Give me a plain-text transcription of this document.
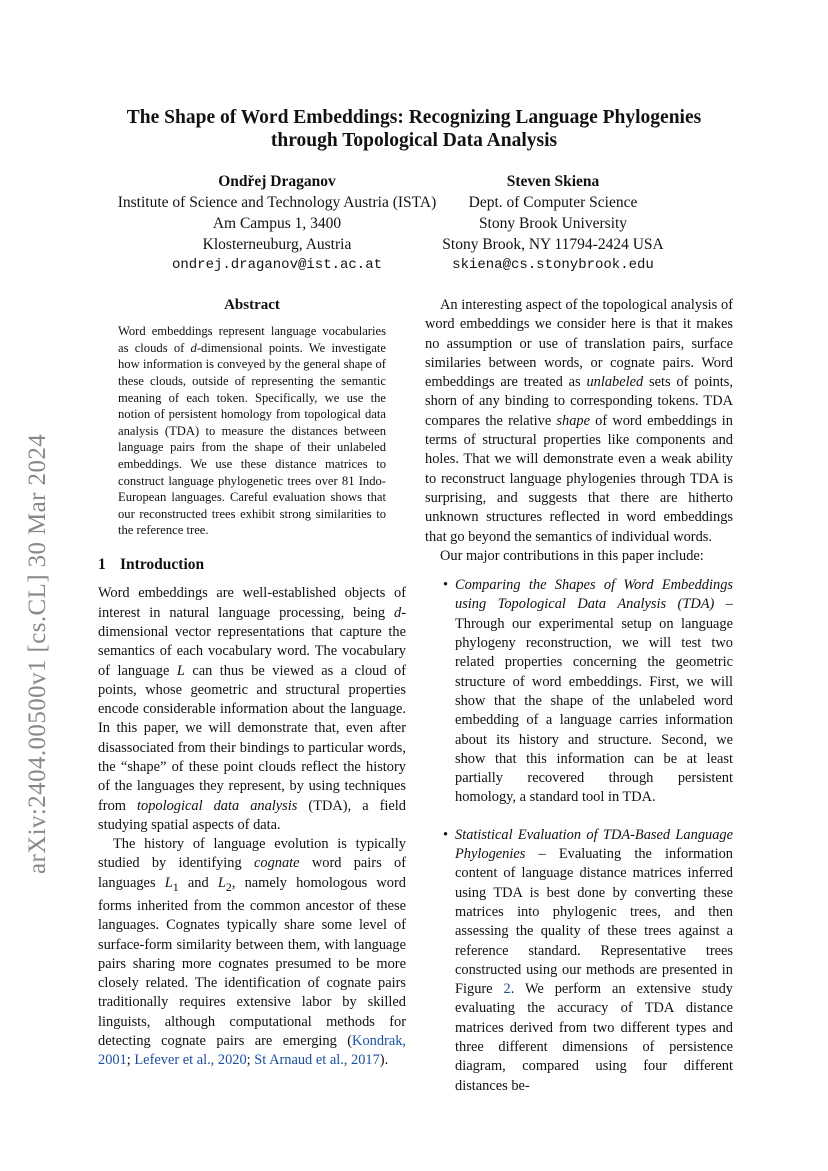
The Shape of Word Embeddings: Recognizing Language Phylogenies
through Topological Data Analysis
Ondřej Draganov
Institute of Science and Technology Austria (ISTA)
Am Campus 1, 3400
Klosterneuburg, Austria
ondrej.draganov@ist.ac.at
Steven Skiena
Dept. of Computer Science
Stony Brook University
Stony Brook, NY 11794-2424 USA
skiena@cs.stonybrook.edu
arXiv:2404.00500v1 [cs.CL] 30 Mar 2024
Abstract

Word embeddings represent language vocabularies as clouds of d-dimensional points. We investigate how information is conveyed by the general shape of these clouds, outside of representing the semantic meaning of each token. Specifically, we use the notion of persistent homology from topological data analysis (TDA) to measure the distances between language pairs from the shape of their unlabeled embeddings. We use these distance matrices to construct language phylogenetic trees over 81 Indo-European languages. Careful evaluation shows that our reconstructed trees exhibit strong similarities to the reference tree.

1 Introduction

Word embeddings are well-established objects of interest in natural language processing, being d-dimensional vector representations that capture the semantics of each vocabulary word. The vocabulary of language L can thus be viewed as a cloud of points, whose geometric and structural properties encode considerable information about the language. In this paper, we will demonstrate that, even after disassociated from their bindings to particular words, the “shape” of these point clouds reflect the history of the languages they represent, by using techniques from topological data analysis (TDA), a field studying spatial aspects of data.

The history of language evolution is typically studied by identifying cognate word pairs of languages $L_1$ and $L_2$, namely homologous word forms inherited from the common ancestor of these languages. Cognates typically share some level of surface-form similarity between them, with language pairs sharing more cognates presumed to be more closely related. The identification of cognate pairs traditionally requires extensive labor by skilled linguists, although computational methods for detecting cognate pairs are emerging (Kondrak, 2001; Lefever et al., 2020; St Arnaud et al., 2017).

An interesting aspect of the topological analysis of word embeddings we consider here is that it makes no assumption or use of translation pairs, surface similaries between words, or cognate pairs. Word embeddings are treated as unlabeled sets of points, shorn of any binding to corresponding tokens. TDA compares the relative shape of word embeddings in terms of structural properties like components and holes. That we will demonstrate even a weak ability to reconstruct language phylogenies through TDA is surprising, and suggests that there are hitherto unknown structures reflected in word embeddings that go beyond the semantics of individual words.

Our major contributions in this paper include:

• Comparing the Shapes of Word Embeddings using Topological Data Analysis (TDA) – Through our experimental setup on language phylogeny reconstruction, we will test two related properties concerning the geometric structure of word embeddings. First, we will show that the shape of the unlabeled word embedding of a language carries information about its history and structure. Second, we show that this information can be at least partially recovered through persistent homology, a standard tool in TDA.
• Statistical Evaluation of TDA-Based Language Phylogenies – Evaluating the information content of language distance matrices inferred using TDA is best done by converting these matrices into phylogenic trees, and then assessing the quality of these trees against a reference standard. Representative trees constructed using our methods are presented in Figure 2. We perform an extensive study evaluating the accuracy of TDA distance matrices derived from two different types and three different dimensions of persistence diagram, compared using four different distances be-
